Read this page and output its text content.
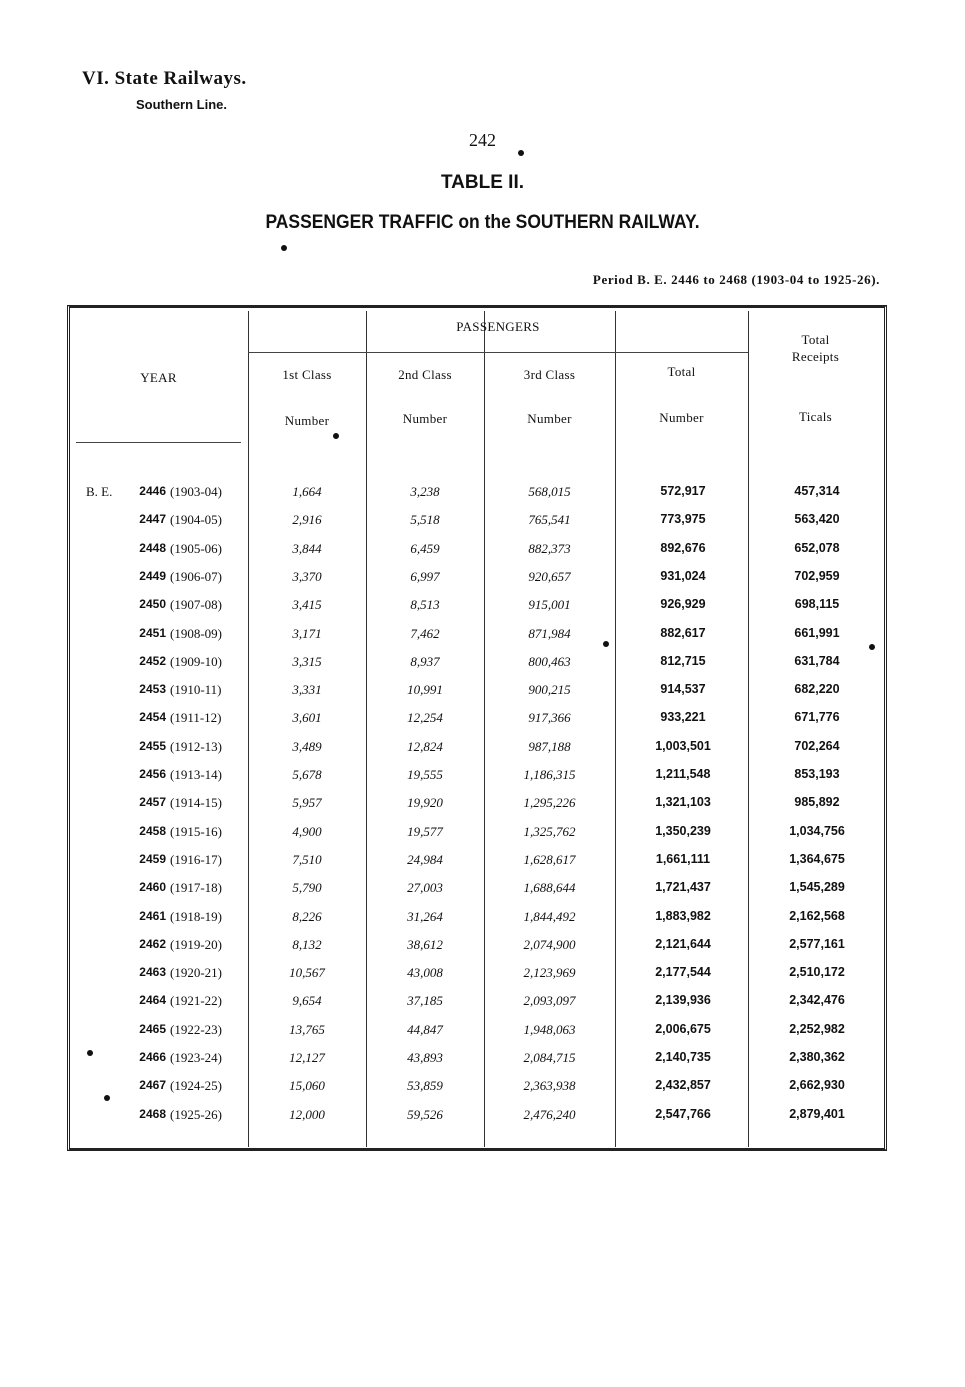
VI. State Railways.
Southern Line.
242
TABLE II.
PASSENGER TRAFFIC on the SOUTHERN RAILWAY.
Period B. E. 2446 to 2468 (1903-04 to 1925-26).
YEAR
PASSENGERS
1st Class	2nd Class	3rd Class	Total
Total
Receipts
Number	Number	Number	Number	Ticals
B. E.	2446 (1903-04)	1,664	3,238	568,015	572,917	457,314
2447 (1904-05)	2,916	5,518	765,541	773,975	563,420
2448 (1905-06)	3,844	6,459	882,373	892,676	652,078
2449 (1906-07)	3,370	6,997	920,657	931,024	702,959
2450 (1907-08)	3,415	8,513	915,001	926,929	698,115
2451 (1908-09)	3,171	7,462	871,984	882,617	661,991
2452 (1909-10)	3,315	8,937	800,463	812,715	631,784
2453 (1910-11)	3,331	10,991	900,215	914,537	682,220
2454 (1911-12)	3,601	12,254	917,366	933,221	671,776
2455 (1912-13)	3,489	12,824	987,188	1,003,501	702,264
2456 (1913-14)	5,678	19,555	1,186,315	1,211,548	853,193
2457 (1914-15)	5,957	19,920	1,295,226	1,321,103	985,892
2458 (1915-16)	4,900	19,577	1,325,762	1,350,239	1,034,756
2459 (1916-17)	7,510	24,984	1,628,617	1,661,111	1,364,675
2460 (1917-18)	5,790	27,003	1,688,644	1,721,437	1,545,289
2461 (1918-19)	8,226	31,264	1,844,492	1,883,982	2,162,568
2462 (1919-20)	8,132	38,612	2,074,900	2,121,644	2,577,161
2463 (1920-21)	10,567	43,008	2,123,969	2,177,544	2,510,172
2464 (1921-22)	9,654	37,185	2,093,097	2,139,936	2,342,476
2465 (1922-23)	13,765	44,847	1,948,063	2,006,675	2,252,982
2466 (1923-24)	12,127	43,893	2,084,715	2,140,735	2,380,362
2467 (1924-25)	15,060	53,859	2,363,938	2,432,857	2,662,930
2468 (1925-26)	12,000	59,526	2,476,240	2,547,766	2,879,401
